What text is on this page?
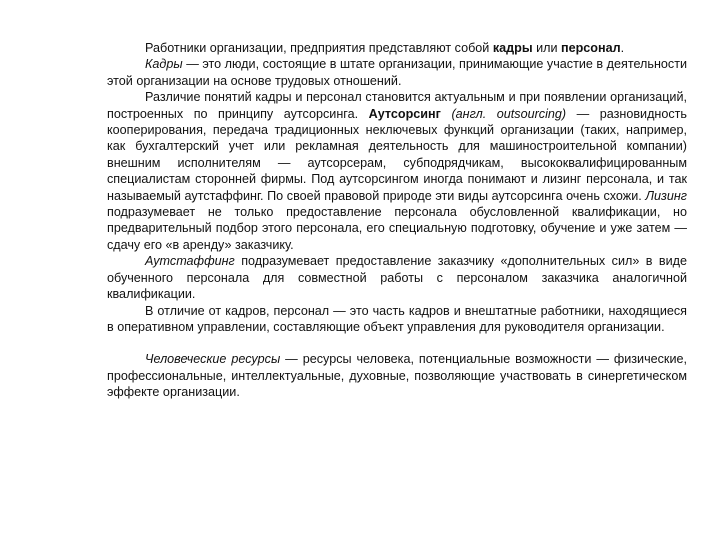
Работники организации, предприятия представляют собой кадры или персонал.

Кадры — это люди, состоящие в штате организации, принимающие участие в деятельности этой организации на основе трудовых отношений.

Различие понятий кадры и персонал становится актуальным и при появлении организаций, построенных по принципу аутсорсинга. Аутсорсинг (англ. outsourcing) — разновидность кооперирования, передача традиционных неключевых функций организации (таких, например, как бухгалтерский учет или рекламная деятельность для машиностроительной компании) внешним исполнителям — аутсорсерам, субподрядчикам, высококвалифицированным специалистам сторонней фирмы. Под аутсорсингом иногда понимают и лизинг персонала, и так называемый аутстаффинг. По своей правовой природе эти виды аутсорсинга очень схожи. Лизинг подразумевает не только предоставление персонала обусловленной квалификации, но предварительный подбор этого персонала, его специальную подготовку, обучение и уже затем — сдачу его «в аренду» заказчику.

Аутстаффинг подразумевает предоставление заказчику «дополнительных сил» в виде обученного персонала для совместной работы с персоналом заказчика аналогичной квалификации.

В отличие от кадров, персонал — это часть кадров и внештатные работники, находящиеся в оперативном управлении, составляющие объект управления для руководителя организации.

Человеческие ресурсы — ресурсы человека, потенциальные возможности — физические, профессиональные, интеллектуальные, духовные, позволяющие участвовать в синергетическом эффекте организации.
